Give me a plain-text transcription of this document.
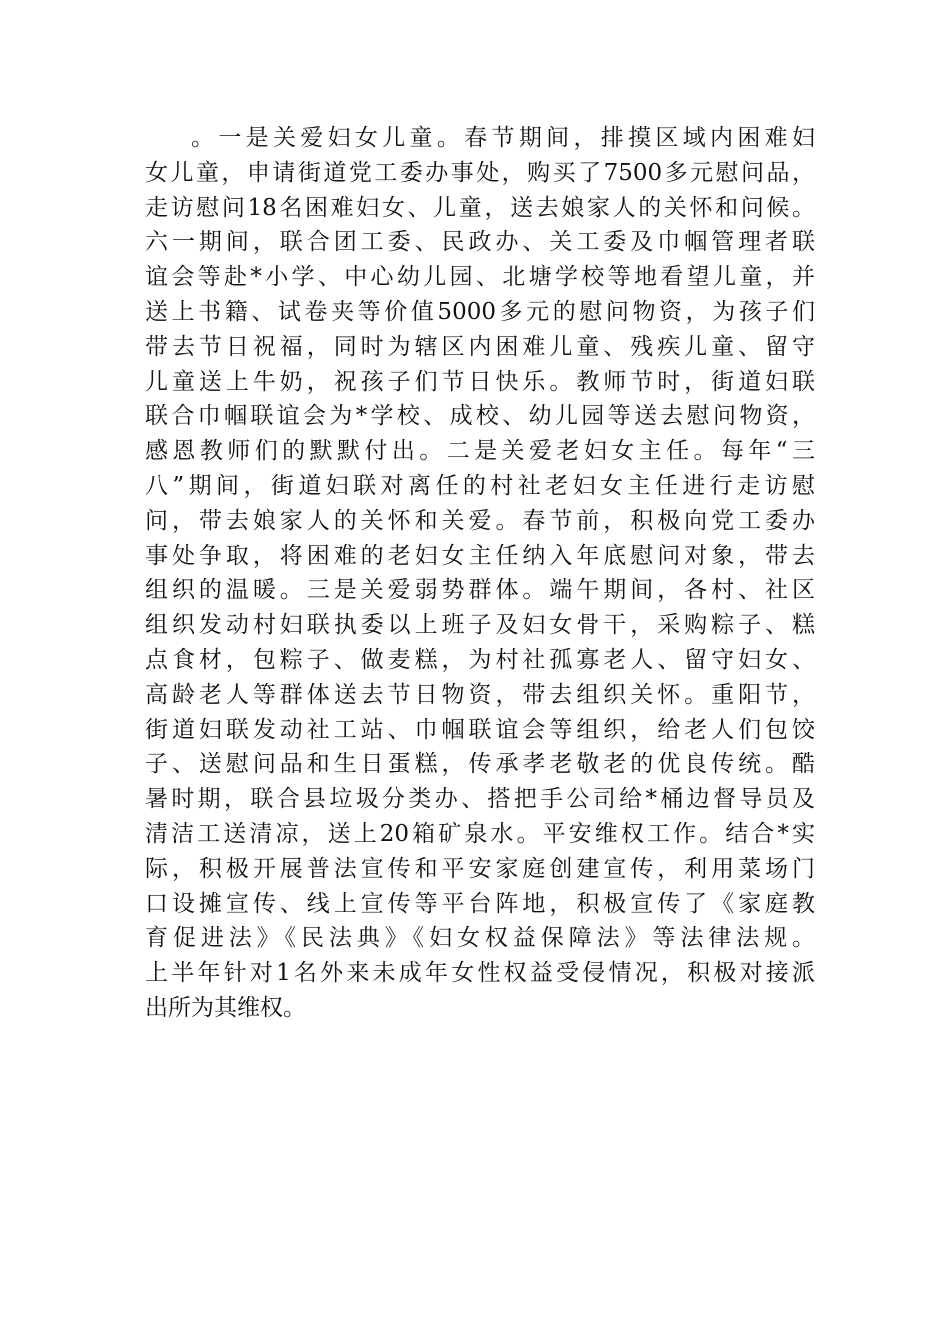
。一是关爱妇女儿童。春节期间，排摸区域内困难妇
女儿童，申请街道党工委办事处，购买了7500多元慰问品，
走访慰问18名困难妇女、儿童，送去娘家人的关怀和问候。
六一期间，联合团工委、民政办、关工委及巾帼管理者联
谊会等赴*小学、中心幼儿园、北塘学校等地看望儿童，并
送上书籍、试卷夹等价值5000多元的慰问物资，为孩子们
带去节日祝福，同时为辖区内困难儿童、残疾儿童、留守
儿童送上牛奶，祝孩子们节日快乐。教师节时，街道妇联
联合巾帼联谊会为*学校、成校、幼儿园等送去慰问物资，
感恩教师们的默默付出。二是关爱老妇女主任。每年“三
八”期间，街道妇联对离任的村社老妇女主任进行走访慰
问，带去娘家人的关怀和关爱。春节前，积极向党工委办
事处争取，将困难的老妇女主任纳入年底慰问对象，带去
组织的温暖。三是关爱弱势群体。端午期间，各村、社区
组织发动村妇联执委以上班子及妇女骨干，采购粽子、糕
点食材，包粽子、做麦糕，为村社孤寡老人、留守妇女、
高龄老人等群体送去节日物资，带去组织关怀。重阳节，
街道妇联发动社工站、巾帼联谊会等组织，给老人们包饺
子、送慰问品和生日蛋糕，传承孝老敬老的优良传统。酷
暑时期，联合县垃圾分类办、搭把手公司给*桶边督导员及
清洁工送清凉，送上20箱矿泉水。平安维权工作。结合*实
际，积极开展普法宣传和平安家庭创建宣传，利用菜场门
口设摊宣传、线上宣传等平台阵地，积极宣传了《家庭教
育促进法》《民法典》《妇女权益保障法》等法律法规。
上半年针对1名外来未成年女性权益受侵情况，积极对接派
出所为其维权。
